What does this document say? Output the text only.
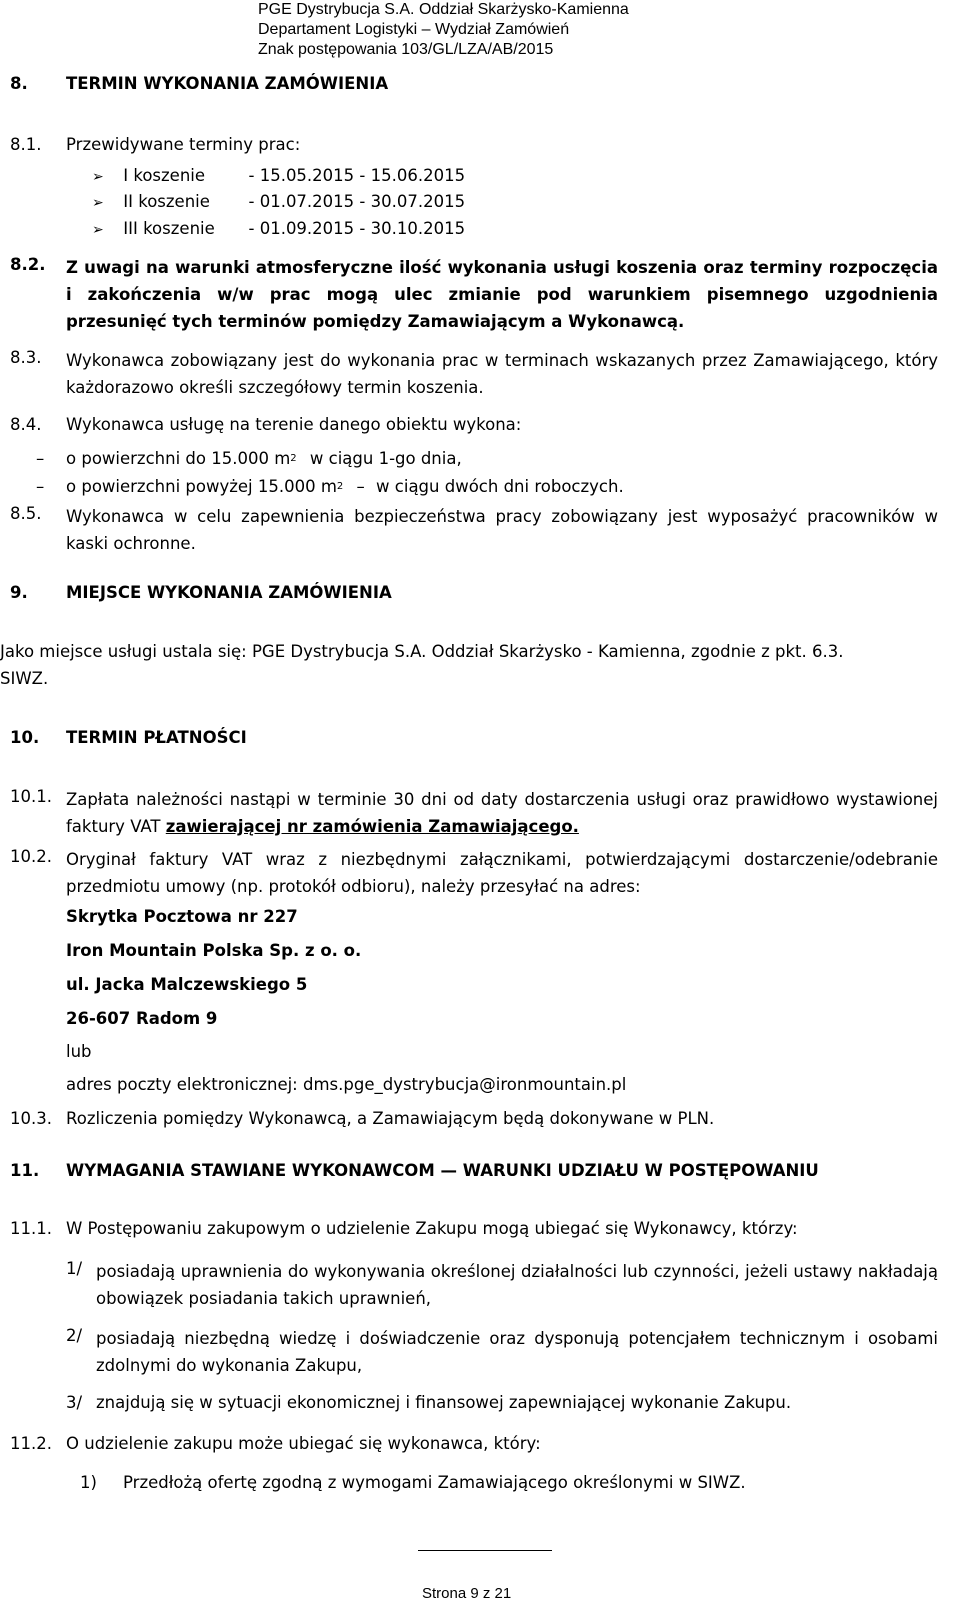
PGE Dystrybucja S.A. Oddział Skarżysko-Kamienna
Departament Logistyki – Wydział Zamówień
Znak postępowania 103/GL/LZA/AB/2015
8. TERMIN WYKONANIA ZAMÓWIENIA
8.1. Przewidywane terminy prac:
➢ I koszenie	- 15.05.2015 - 15.06.2015
➢ II koszenie - 01.07.2015 - 30.07.2015
➢ III koszenie - 01.09.2015 - 30.10.2015
8.2. Z uwagi na warunki atmosferyczne ilość wykonania usługi koszenia oraz terminy rozpoczęcia i zakończenia w/w prac mogą ulec zmianie pod warunkiem pisemnego uzgodnienia przesunięć tych terminów pomiędzy Zamawiającym a Wykonawcą.
8.3. Wykonawca zobowiązany jest do wykonania prac w terminach wskazanych przez Zamawiającego, który każdorazowo określi szczegółowy termin koszenia.
8.4. Wykonawca usługę na terenie danego obiektu wykona:
– o powierzchni do 15.000 $m^2$ w ciągu 1-go dnia,
– o powierzchni powyżej 15.000 $m^2$ – w ciągu dwóch dni roboczych.
8.5. Wykonawca w celu zapewnienia bezpieczeństwa pracy zobowiązany jest wyposażyć pracowników w kaski ochronne.
9. MIEJSCE WYKONANIA ZAMÓWIENIA
Jako miejsce usługi ustala się: PGE Dystrybucja S.A. Oddział Skarżysko - Kamienna, zgodnie z pkt. 6.3.
SIWZ.
10. TERMIN PŁATNOŚCI
10.1. Zapłata należności nastąpi w terminie 30 dni od daty dostarczenia usługi oraz prawidłowo wystawionej faktury VAT zawierającej nr zamówienia Zamawiającego.
10.2. Oryginał faktury VAT wraz z niezbędnymi załącznikami, potwierdzającymi dostarczenie/odebranie przedmiotu umowy (np. protokół odbioru), należy przesyłać na adres:
Skrytka Pocztowa nr 227
Iron Mountain Polska Sp. z o. o.
ul. Jacka Malczewskiego 5
26-607 Radom 9
lub
adres poczty elektronicznej: dms.pge_dystrybucja@ironmountain.pl
10.3. Rozliczenia pomiędzy Wykonawcą, a Zamawiającym będą dokonywane w PLN.
11. WYMAGANIA STAWIANE WYKONAWCOM — WARUNKI UDZIAŁU W POSTĘPOWANIU
11.1. W Postępowaniu zakupowym o udzielenie Zakupu mogą ubiegać się Wykonawcy, którzy:
1/ posiadają uprawnienia do wykonywania określonej działalności lub czynności, jeżeli ustawy nakładają obowiązek posiadania takich uprawnień,
2/ posiadają niezbędną wiedzę i doświadczenie oraz dysponują potencjałem technicznym i osobami zdolnymi do wykonania Zakupu,
3/ znajdują się w sytuacji ekonomicznej i finansowej zapewniającej wykonanie Zakupu.
11.2. O udzielenie zakupu może ubiegać się wykonawca, który:
1) Przedłożą ofertę zgodną z wymogami Zamawiającego określonymi w SIWZ.
Strona 9 z 21
